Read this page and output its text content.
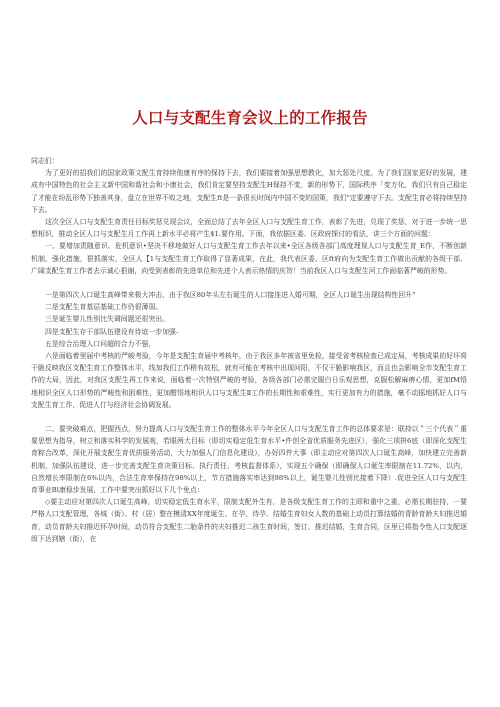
人口与支配生育会议上的工作报告

同志们：

为了更好的招我们的国家政策文配生育持续他康有序的保持下去，我们要接着加强思想教化，加大惩处尺度。为了我们国家更好的发展，建成有中国特色的社会主义新中国和谐社会和小康社会，我们肯定要坚持支配生H保持不变，新的形势下，国际秩序「变万化，我们只有自己稳定了才能在纷乱形势下独善其身，盘立在世界不败之地，支配生ft是一条很长时间内中国不变的国策，我们"定要遵守下去。支配生育必将持续坚持下去。

这次全区人口与支配生育责任目标奖惩兑现会议，全面总结了去年全区人口与支配生育工作，表彰了先进，兑现了奖惩，对于进一步统一思想相识，推动全区人口与支配生月工作再上新水平必将产生$1.要作用。下面，我依据区委、区政府探讨的看法，讲三个方面的问题：

一、要增加责随意识、危机意识•坚决不移地做好人口与支配生育工作去年以来•全区各级各部门高度理视人口与支配生育_E作，不断创新机制，强化措施，狠抓落实，全区人【1与支配生育工作取得了显著成果，在此，我代表区委、区ft府向为支配生育工作做出贡献的各级干部、广阔支配生育工作者去示诚心狠谢，向受到表彰的先进单位和先进个人表示热情的庆贺！当前我区人口与支配生河工作面临著严峻的形势。

一是第四次人口诞生高峰带来极大冲击，由于我区80年头左右诞生的人口接连进入婚可期，全区人口诞生出现结构性回升”

二是支配生育基层基础工作仍很薄弱。

三是诞生婴儿性别比失调间题还很突出。

四是支配生存干部队伍建设有待谊一步加强-

五是综合治理人口问超的合力不强，

六是面临着里届中考核的严峻考验，今年是支配生育届中考核年，由于我区多年被省里免检，接受省考核检查已成定局，考核成果的好坏将干脆反映我区支配生育工作整体水平，线加我们工作稍有故松，就有可能在考核中出现问阳，不仅干脆影响我区，而且也会影响全市支配生育工作的大局，因此，对我区支配生再工作来说，面临着一次特别严峻的考验，各级各部门必需完服白日乐观思想，克服松解麻痹心情，更加fM悟地相识全区人口形势的严峻性和困难性，更加酣悟地相识人口与支配生Ⅱ工作的长期性和艰难性，实行更加有力的措施，毫不动摇地抓好人口与支配生育工作，促进人仃与经济社会协调发展。

二、要突破难点，把握西点，努力提高人口与支配生育工作的整体水平今年全区人口与支配生育工作的总体要求是：联持以＂三个代表＂重要思想为指导，树立和落实科学的发展观，若眼两大目标（即切实稳定低生育水平•件创全省优质服务先进区），强化三项拼6底（即深化支配生育粽合改革，深化开展支配生育优质服务活动，大力加强人门信息化建设），办好四件大事（即主动应对第四次人口诞生高峰，加快建立完善新机制，加强队伍建设，进一步完善支配生育决策目标、执行责任、考核监督体系），实现五个确保（即确保人口诞生率限制在11.72%，以内，自然增长率限制在6%以内，合法生育率保持在98%以上，节方措施落实率达到98%以上，诞生婴儿性别比接着下降）.促进全区人口与支配生育事业Bl康稳步发展，工作中要突出抓好以下几个免点：

◇要主动应对第四次人口诞生高峰，切实稳定低生育水平，限制支配外生有，是各级支配生育工作的主即和重中之重，必需长期驻持，一要严格人口支配管理，各城（街）、村（居）整在模清XX年度诞生、在孕、待孕、结婚生育妇女人数的基础上动员打算结婚的青龄育龄夫妇推迟婚育，动员育龄夫妇推迟怀孕时间，动员符合支配生二胎条件的夫妇推迟二孩生育时间，签订，推迟结婚，生育合同，区里已将指令性人口支配逐级下达到辖（街），在
